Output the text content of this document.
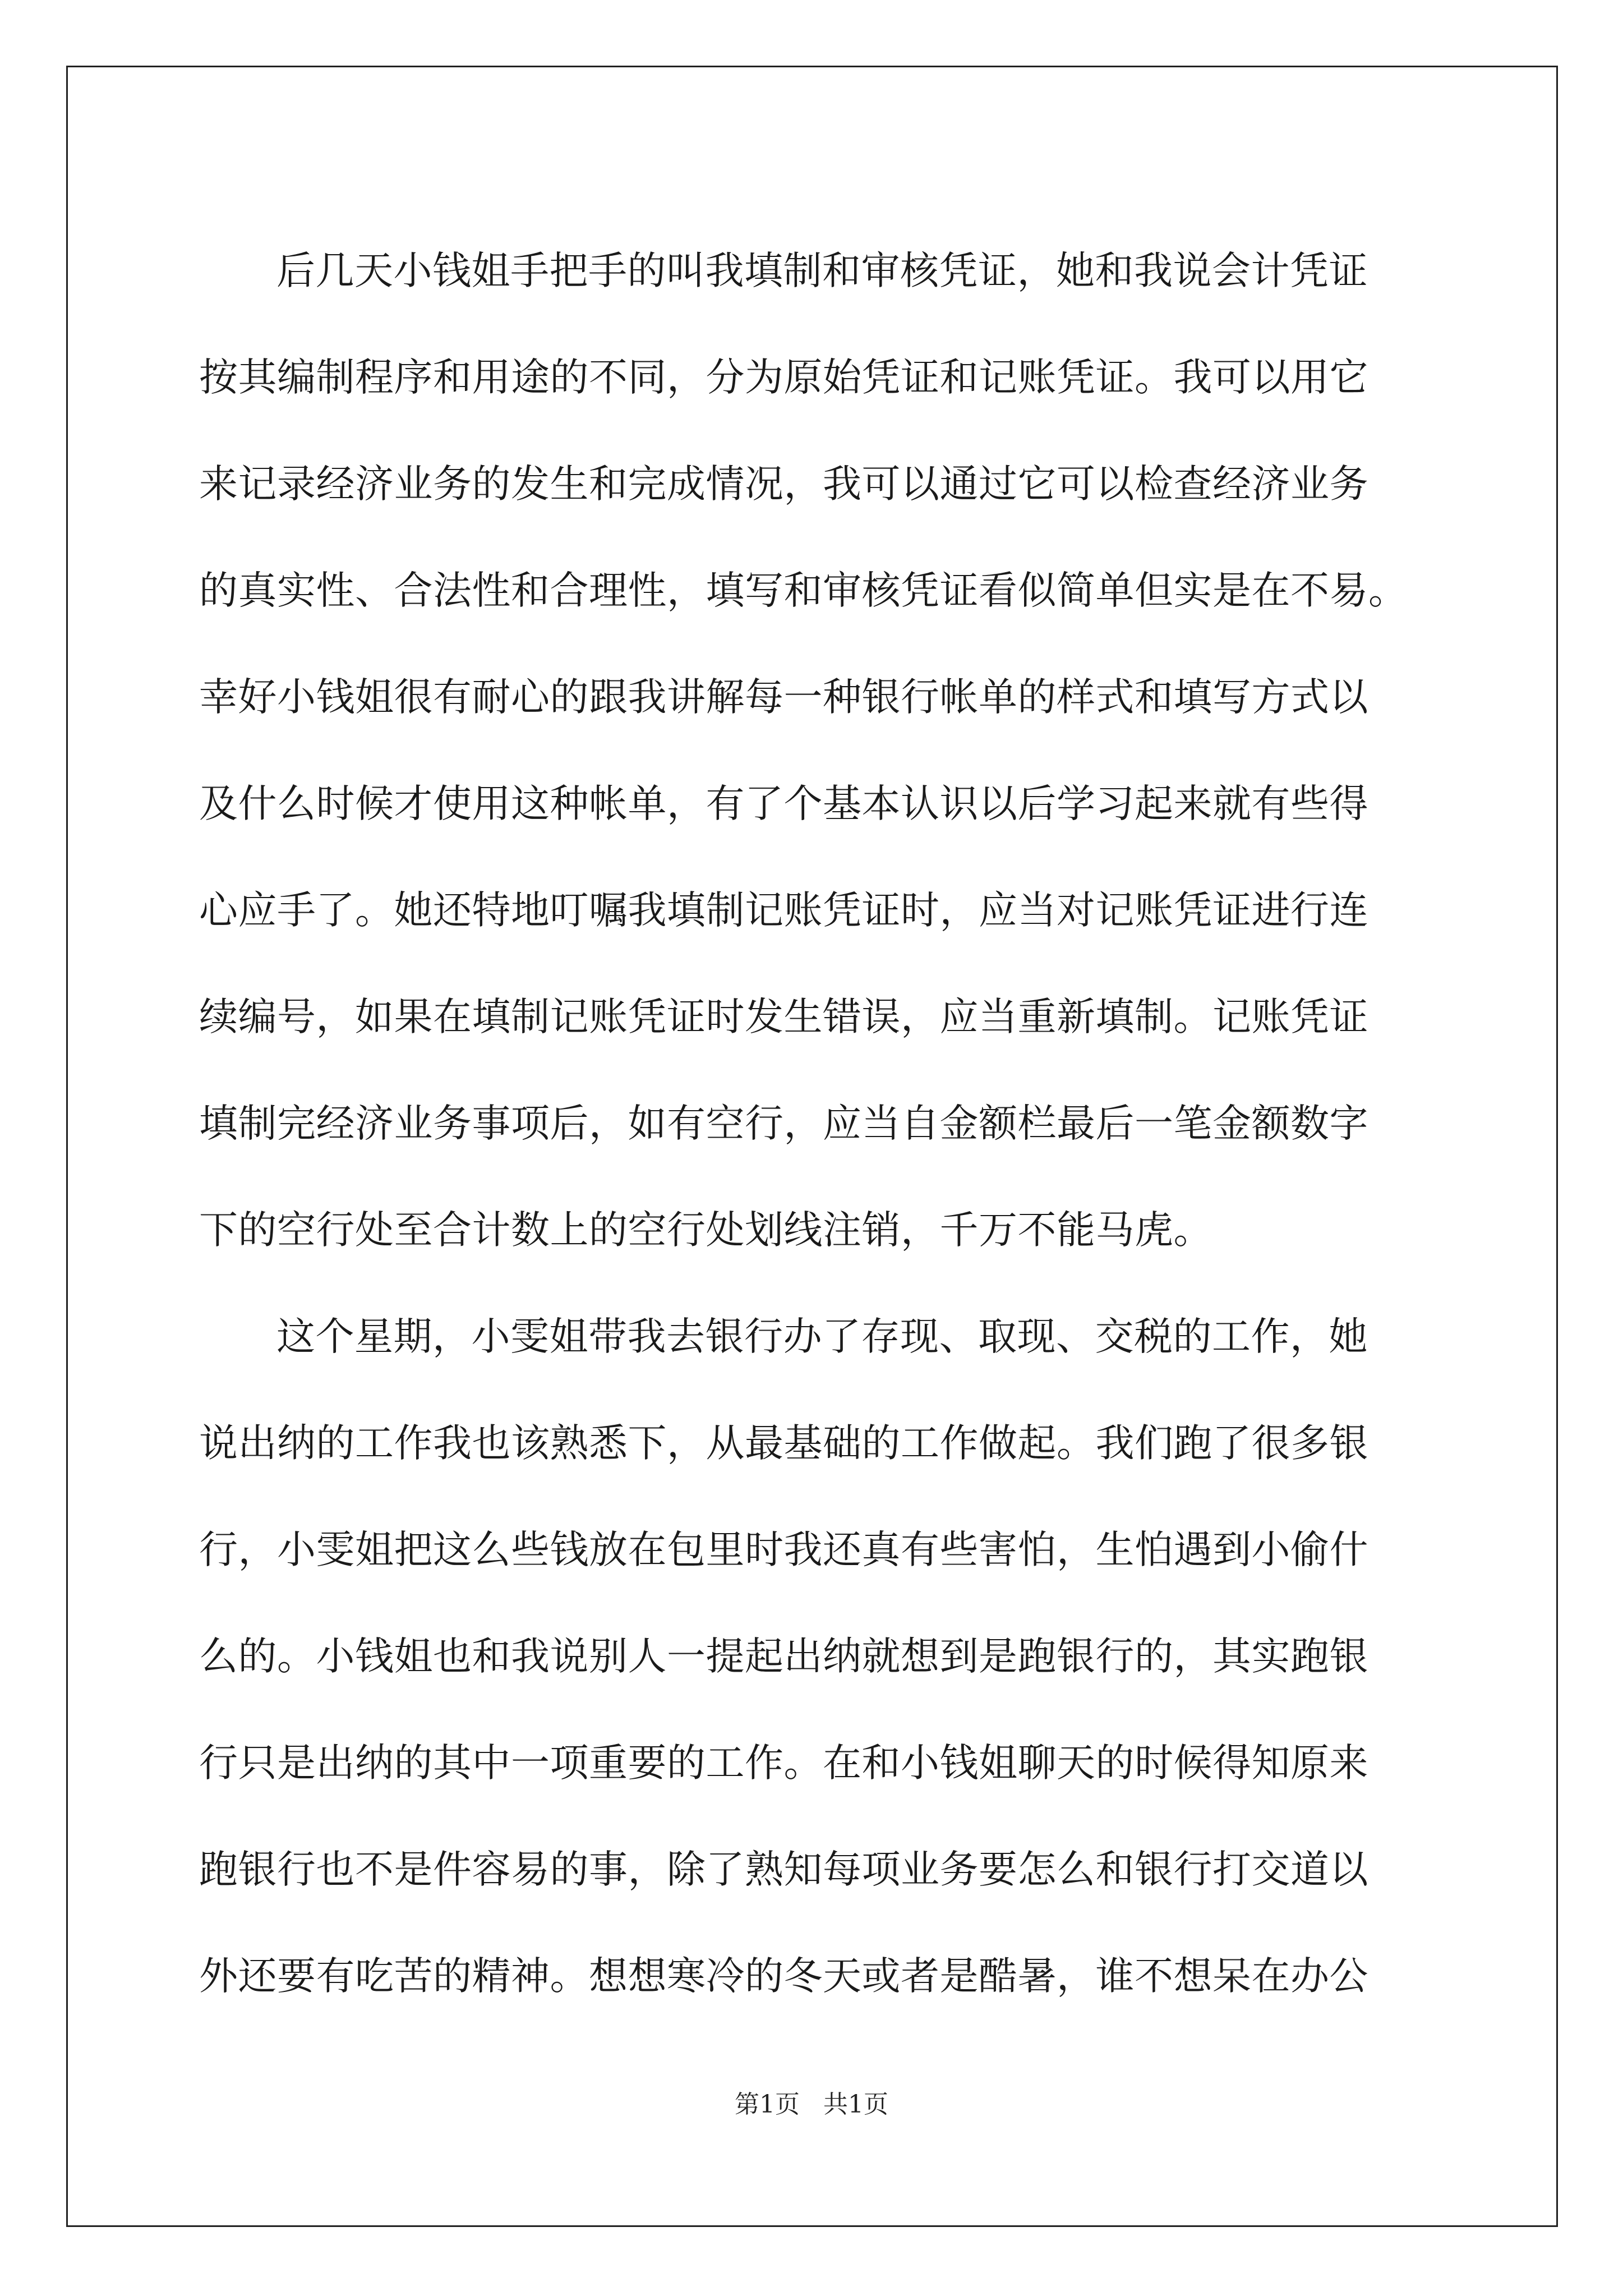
后几天小钱姐手把手的叫我填制和审核凭证，她和我说会计凭证
按其编制程序和用途的不同，分为原始凭证和记账凭证。我可以用它
来记录经济业务的发生和完成情况，我可以通过它可以检查经济业务
的真实性、合法性和合理性，填写和审核凭证看似简单但实是在不易。
幸好小钱姐很有耐心的跟我讲解每一种银行帐单的样式和填写方式以
及什么时候才使用这种帐单，有了个基本认识以后学习起来就有些得
心应手了。她还特地叮嘱我填制记账凭证时，应当对记账凭证进行连
续编号，如果在填制记账凭证时发生错误，应当重新填制。记账凭证
填制完经济业务事项后，如有空行，应当自金额栏最后一笔金额数字
下的空行处至合计数上的空行处划线注销，千万不能马虎。
这个星期，小雯姐带我去银行办了存现、取现、交税的工作，她
说出纳的工作我也该熟悉下，从最基础的工作做起。我们跑了很多银
行，小雯姐把这么些钱放在包里时我还真有些害怕，生怕遇到小偷什
么的。小钱姐也和我说别人一提起出纳就想到是跑银行的，其实跑银
行只是出纳的其中一项重要的工作。在和小钱姐聊天的时候得知原来
跑银行也不是件容易的事，除了熟知每项业务要怎么和银行打交道以
外还要有吃苦的精神。想想寒冷的冬天或者是酷暑，谁不想呆在办公
第1页 共1页
